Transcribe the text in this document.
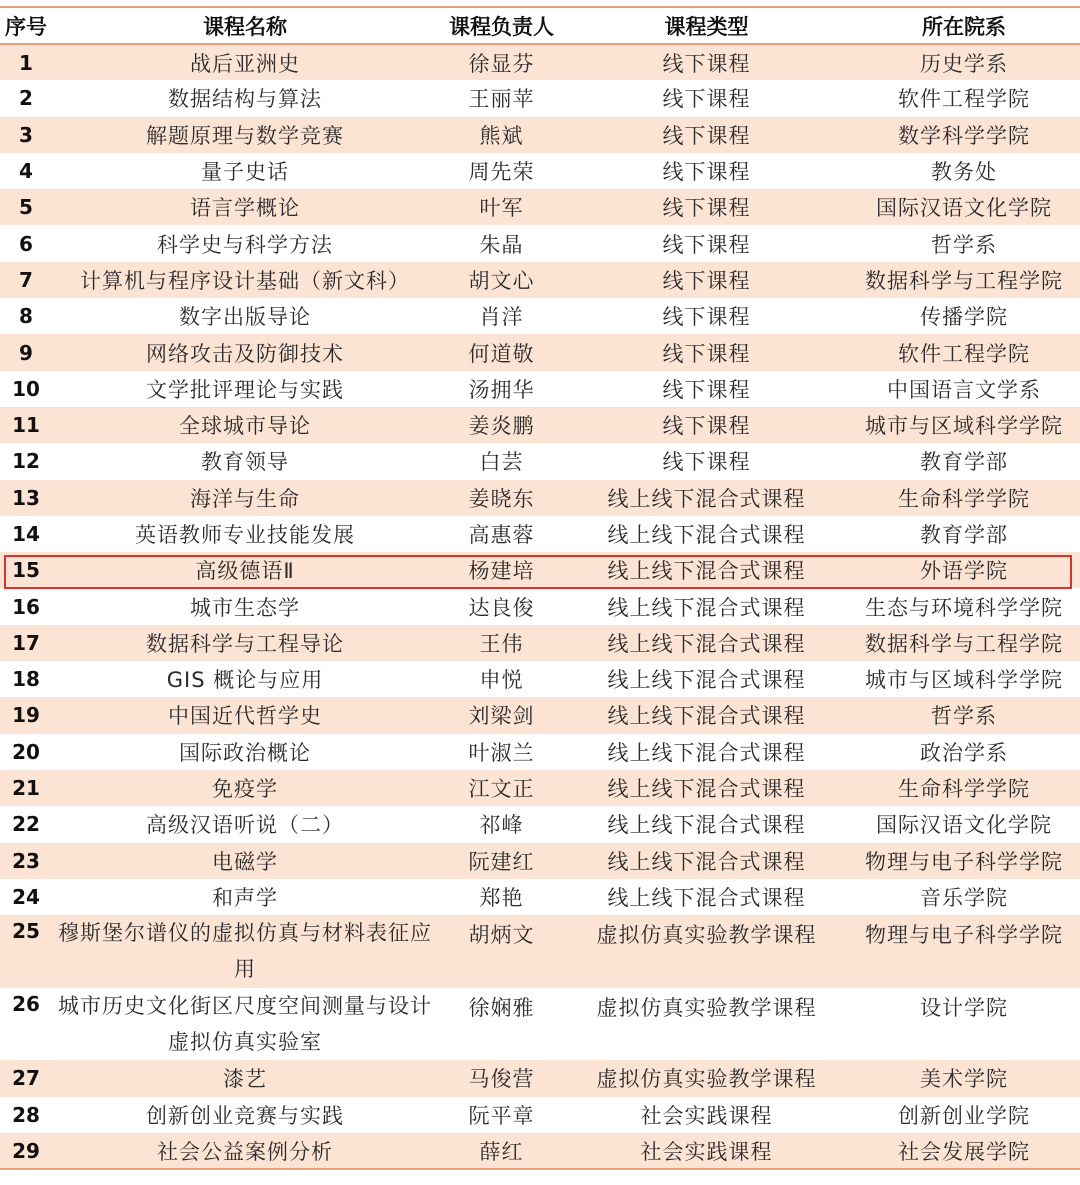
序号	课程名称	课程负责人	课程类型	所在院系
1	战后亚洲史	徐显芬	线下课程	历史学系
2	数据结构与算法	王丽苹	线下课程	软件工程学院
3	解题原理与数学竞赛	熊斌	线下课程	数学科学学院
4	量子史话	周先荣	线下课程	教务处
5	语言学概论	叶军	线下课程	国际汉语文化学院
6	科学史与科学方法	朱晶	线下课程	哲学系
7	计算机与程序设计基础（新文科）	胡文心	线下课程	数据科学与工程学院
8	数字出版导论	肖洋	线下课程	传播学院
9	网络攻击及防御技术	何道敬	线下课程	软件工程学院
10	文学批评理论与实践	汤拥华	线下课程	中国语言文学系
11	全球城市导论	姜炎鹏	线下课程	城市与区域科学学院
12	教育领导	白芸	线下课程	教育学部
13	海洋与生命	姜晓东	线上线下混合式课程	生命科学学院
14	英语教师专业技能发展	高惠蓉	线上线下混合式课程	教育学部
15	高级德语Ⅱ	杨建培	线上线下混合式课程	外语学院
16	城市生态学	达良俊	线上线下混合式课程	生态与环境科学学院
17	数据科学与工程导论	王伟	线上线下混合式课程	数据科学与工程学院
18	GIS 概论与应用	申悦	线上线下混合式课程	城市与区域科学学院
19	中国近代哲学史	刘梁剑	线上线下混合式课程	哲学系
20	国际政治概论	叶淑兰	线上线下混合式课程	政治学系
21	免疫学	江文正	线上线下混合式课程	生命科学学院
22	高级汉语听说（二）	祁峰	线上线下混合式课程	国际汉语文化学院
23	电磁学	阮建红	线上线下混合式课程	物理与电子科学学院
24	和声学	郑艳	线上线下混合式课程	音乐学院
25	穆斯堡尔谱仪的虚拟仿真与材料表征应用	胡炳文	虚拟仿真实验教学课程	物理与电子科学学院
26	城市历史文化街区尺度空间测量与设计虚拟仿真实验室	徐娴雅	虚拟仿真实验教学课程	设计学院
27	漆艺	马俊营	虚拟仿真实验教学课程	美术学院
28	创新创业竞赛与实践	阮平章	社会实践课程	创新创业学院
29	社会公益案例分析	薛红	社会实践课程	社会发展学院
